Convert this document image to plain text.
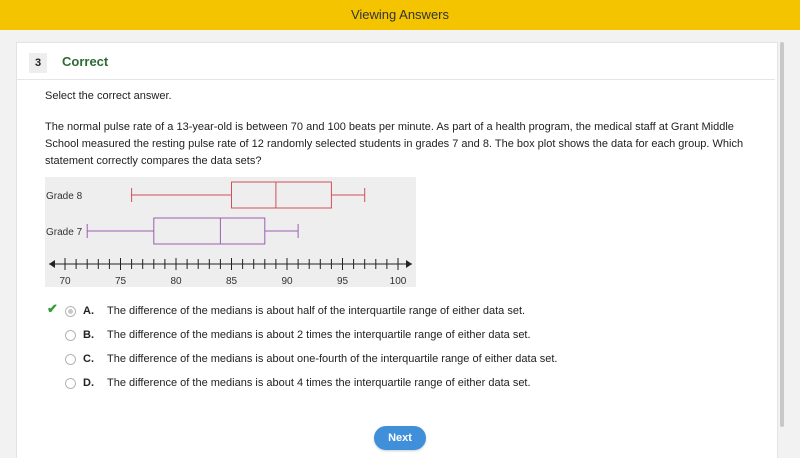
Viewing Answers
3	Correct
Select the correct answer.
The normal pulse rate of a 13-year-old is between 70 and 100 beats per minute. As part of a health program, the medical staff at Grant Middle School measured the resting pulse rate of 12 randomly selected students in grades 7 and 8. The box plot shows the data for each group. Which statement correctly compares the data sets?
Grade 8
Grade 7
70	75	80	85	90	95	100
✔ A. The difference of the medians is about half of the interquartile range of either data set.
B. The difference of the medians is about 2 times the interquartile range of either data set.
C. The difference of the medians is about one-fourth of the interquartile range of either data set.
D. The difference of the medians is about 4 times the interquartile range of either data set.
Next
